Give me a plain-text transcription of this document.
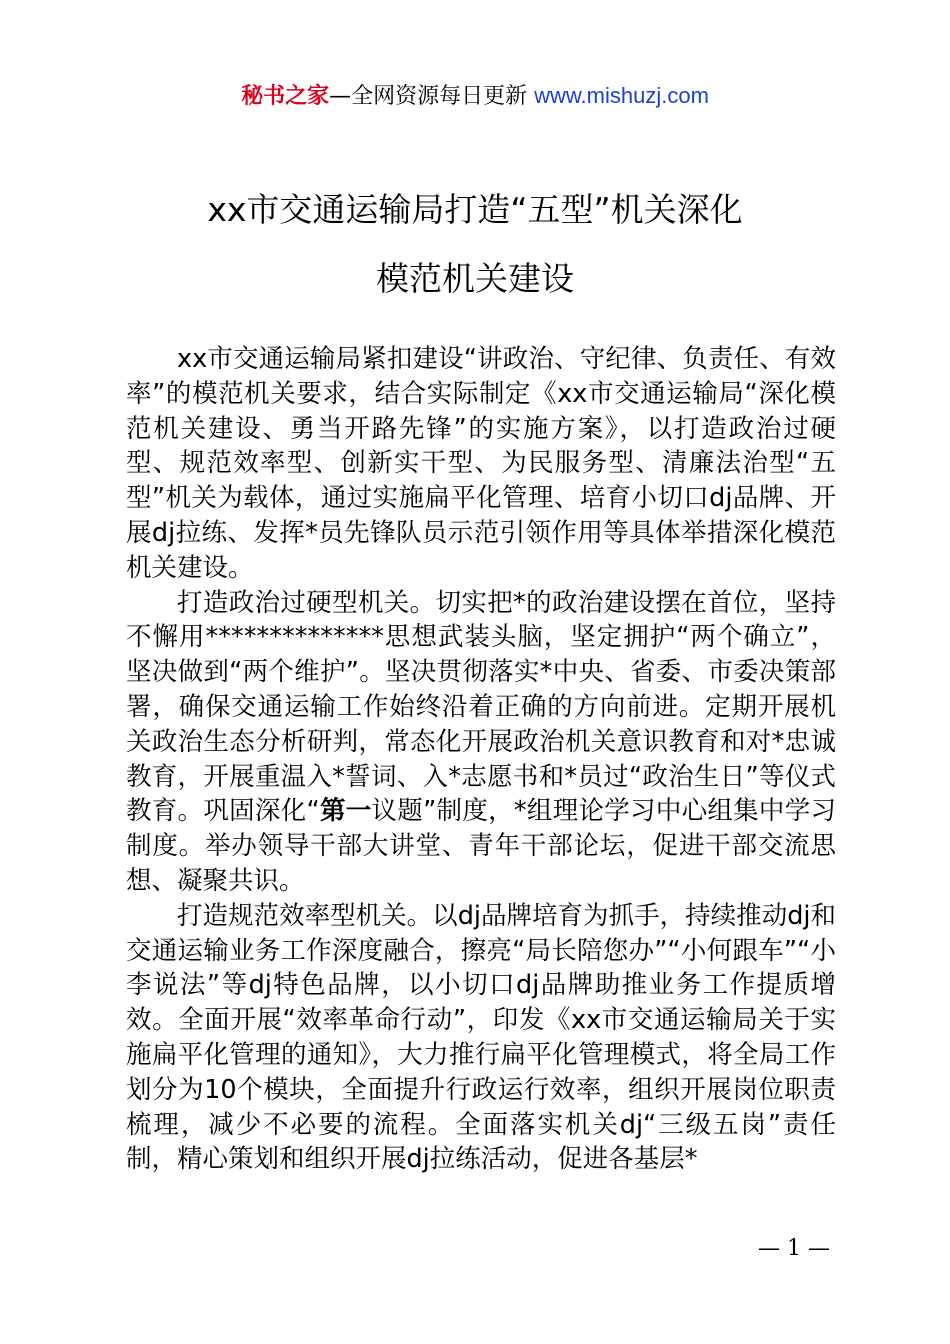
秘书之家—全网资源每日更新 www.mishuzj.com
xx市交通运输局打造“五型”机关深化
模范机关建设

xx市交通运输局紧扣建设“讲政治、守纪律、负责任、有效率”的模范机关要求，结合实际制定《xx市交通运输局“深化模范机关建设、勇当开路先锋”的实施方案》，以打造政治过硬型、规范效率型、创新实干型、为民服务型、清廉法治型“五型”机关为载体，通过实施扁平化管理、培育小切口dj品牌、开展dj拉练、发挥*员先锋队员示范引领作用等具体举措深化模范机关建设。

打造政治过硬型机关。切实把*的政治建设摆在首位，坚持不懈用**************思想武装头脑，坚定拥护“两个确立”，坚决做到“两个维护”。坚决贯彻落实*中央、省委、市委决策部署，确保交通运输工作始终沿着正确的方向前进。定期开展机关政治生态分析研判，常态化开展政治机关意识教育和对*忠诚教育，开展重温入*誓词、入*志愿书和*员过“政治生日”等仪式教育。巩固深化“第一议题”制度，*组理论学习中心组集中学习制度。举办领导干部大讲堂、青年干部论坛，促进干部交流思想、凝聚共识。

打造规范效率型机关。以dj品牌培育为抓手，持续推动dj和交通运输业务工作深度融合，擦亮“局长陪您办”“小何跟车”“小李说法”等dj特色品牌，以小切口dj品牌助推业务工作提质增效。全面开展“效率革命行动”，印发《xx市交通运输局关于实施扁平化管理的通知》，大力推行扁平化管理模式，将全局工作划分为10个模块，全面提升行政运行效率，组织开展岗位职责梳理，减少不必要的流程。全面落实机关dj“三级五岗”责任制，精心策划和组织开展dj拉练活动，促进各基层*

— 1 —
